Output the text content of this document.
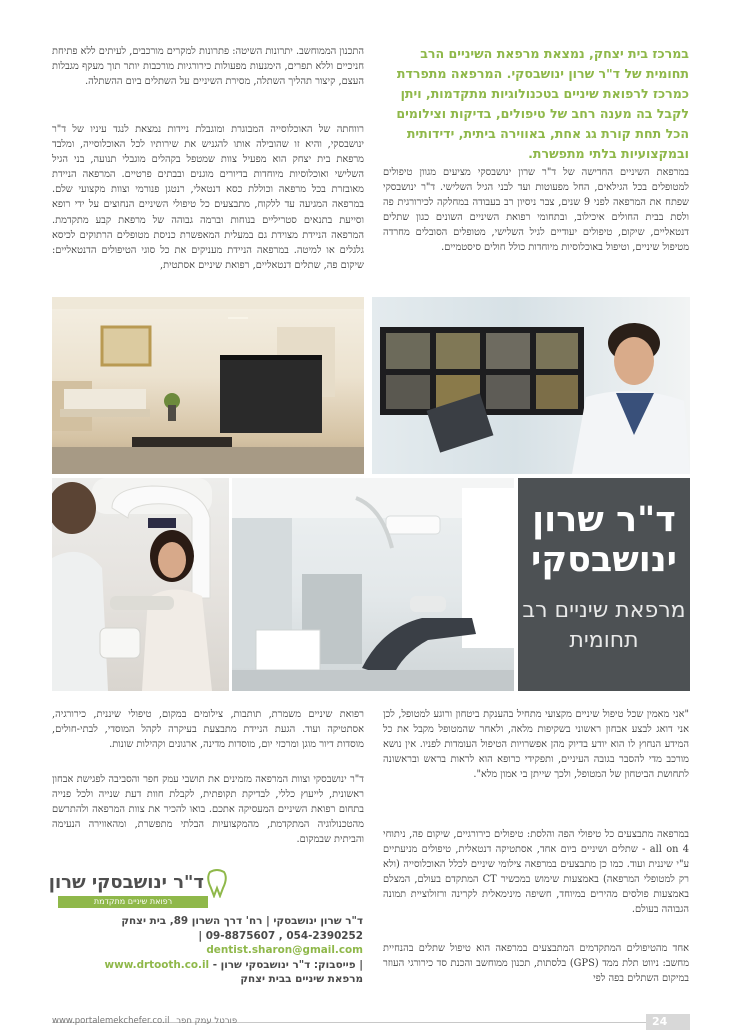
במרכז בית יצחק, נמצאת מרפאת השיניים הרב תחומית של ד"ר שרון ינושבסקי. המרפאה מתפרדת כמרכז לרפואת שיניים בטכנולוגיות מתקדמות, ויתן לקבל בה מענה רחב של טיפולים, בדיקות וצילומים הכל תחת קורת גג אחת, באווירה ביתית, ידידותית ובמקצועיות בלתי מתפשרת.
במרפאת השיניים החדישה של ד"ר שרון ינושבסקי מציעים מגוון טיפולים למטופלים בכל הגילאים, החל מפעוטות ועד לבני הגיל השלישי. ד"ר ינושבסקי שפתח את המרפאה לפני 9 שנים, צבר ניסיון רב בעבודה במחלקה לכירורגית פה ולסת בבית החולים איכילוב, ובתחומי רפואת השיניים השונים כגון שתלים דנטאליים, שיקום, טיפולים יעודיים לגיל השלישי, מטופלים הסובלים מחרדה מטיפול שיניים, וטיפול באוכלוסיות מיוחדות כולל חולים סיסטמיים.
התכנון הממוחשב. יתרונות השיטה: פתרונות למקרים מורכבים, לעיתים ללא פתיחת חניכיים וללא תפרים, הימנעות מפעולות כירורגיות מורכבות יותר תוך מעקף מגבלות העצם, קיצור תהליך השתלה, מסירת השיניים על השתלים ביום ההשתלה.
רווחתה של האוכלוסייה המבוגרת ומוגבלת ניידות נמצאת לנגד עיניו של ד"ר ינושבסקי, והיא זו שהובילה אותו להגניש את שירותיו לכל האוכלוסייה, ומלבד מרפאת בית יצחק הוא מפעיל צוות שמטפל בקהלים מוגבלי תנועה, בני הגיל השלישי ואוכלוסיות מיוחדות בדיורים מוגנים ובבתים פרטיים. המרפאה הניידת מאובזרת בכל מרפאה וכוללת כסא דנטאלי, רנטגן פנורמי וצוות מקצועי שלם. במרפאה המגיעה עד ללקוח, מתבצעים כל טיפולי השיניים הנחוצים על ידי רופא וסייעת בתנאים סטריליים בנוחות וברמה גבוהה של מרפאת קבע מתקדמת. המרפאה הניידת מצוידת גם במעלית המאפשרת כניסת מטופלים הרתוקים לכיסא גלגלים או למיטה. במרפאה הניידת מעניקים את כל סוגי הטיפולים הדנטאליים: שיקום פה, שתלים דנטאליים, רפואת שיניים אסתטית,
ד"ר שרון ינושבסקי
מרפאת שיניים רב תחומית
"אני מאמין שכל טיפול שיניים מקצועי מתחיל בהענקת ביטחון ורוגע למטופל, לכן אני דואג לבצע אבחון ראשוני בשקיפות מלאה, ולאחר שהמטופל מקבל את כל המידע הנחוץ לו הוא יודע בדיוק מהן אפשרויות הטיפול העומדות לפניו. אין נושא מורכב מדי להסבר בגובה העיניים, ותפקידי כרופא הוא לראות בראש ובראשונה לתחושת הביטחון של המטופל, ולכך שייתן בי אמון מלא".
במרפאה מתבצעים כל טיפולי הפה והלסת: טיפולים כירורגיים, שיקום פה, ניתוחי 4 all on - שתלים ושיניים ביום אחד, אסתטיקה דנטאלית, טיפולים מניעתיים ע"י שיננית ועוד. כמו כן מתבצעים במרפאה צילומי שיניים לכלל האוכלוסייה (ולא רק למטופלי המרפאה) באמצעות שימוש במכשיר CT המתקדם בעולם, המצלם באמצעות פולסים מהירים במיוחד, חשיפה מינימאלית לקרינה ורזולוציית תמונה הגבוהה בעולם.
אחד מהטיפולים המתקדמים המתבצעים במרפאה הוא טיפול שתלים בהנחיית מחשב: ניווט תלת ממד (GPS) בלסתות, תכנון ממוחשב והכנת סד כירורגי העוזר במיקום השתלים בפה לפי
רפואת שיניים משמרת, תותבות, צילומים במקום, טיפולי שיננית, כירורגיה, אסתטיקה ועוד. הגעת הניידת מתבצעת בעיקרה לקהל המוסדי, לבתי-חולים, מוסדות דיור מוגן ומרכזי יום, מוסדות מדינה, ארגונים וקהילות שונות.
ד"ר ינושבסקי וצוות המרפאה מזמינים את תושבי עמק חפר והסביבה לפגישת אבחון ראשונית, לייעוץ כללי, לבדיקת תקופתית, לקבלת חוות דעת שנייה ולכל פנייה בתחום רפואת השיניים המעסיקה אתכם. בואו להכיר את צוות המרפאה ולהתרשם מהטכנולוגיה המתקדמת, מהמקצועיות הבלתי מתפשרת, ומהאווירה הנעימה והביתית שבמקום.
ד"ר ינושבסקי שרון
רפואת שיניים מתקדמת
ד"ר שרון ינושבסקי | רח' דרך השרון 89, בית יצחק
054-2390252 , 09-8875607 | dentist.sharon@gmail.com
| פייסבוק: ד"ר ינושבסקי שרון - www.drtooth.co.il
מרפאת שיניים בבית יצחק
www.portalemekchefer.co.il פורטל עמק חפר	24
